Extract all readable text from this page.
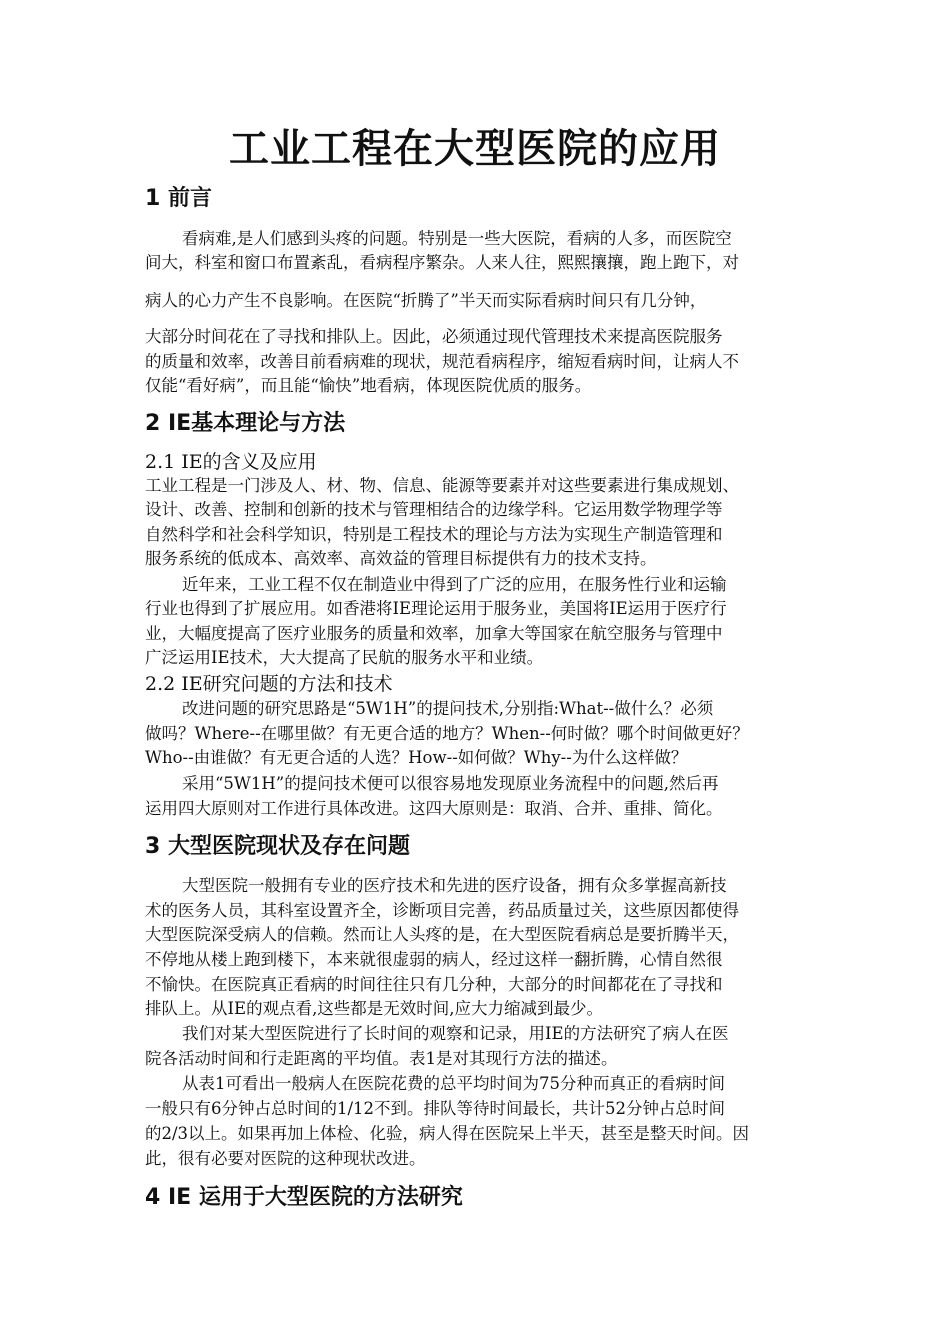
工业工程在大型医院的应用
1 前言
看病难,是人们感到头疼的问题。特别是一些大医院，看病的人多，而医院空
间大，科室和窗口布置紊乱，看病程序繁杂。人来人往，熙熙攘攘，跑上跑下，对
病人的心力产生不良影响。在医院“折腾了”半天而实际看病时间只有几分钟，
大部分时间花在了寻找和排队上。因此，必须通过现代管理技术来提高医院服务
的质量和效率，改善目前看病难的现状，规范看病程序，缩短看病时间，让病人不
仅能“看好病”，而且能“愉快”地看病，体现医院优质的服务。
2 IE基本理论与方法
2.1 IE的含义及应用
工业工程是一门涉及人、材、物、信息、能源等要素并对这些要素进行集成规划、
设计、改善、控制和创新的技术与管理相结合的边缘学科。它运用数学物理学等
自然科学和社会科学知识，特别是工程技术的理论与方法为实现生产制造管理和
服务系统的低成本、高效率、高效益的管理目标提供有力的技术支持。
近年来，工业工程不仅在制造业中得到了广泛的应用，在服务性行业和运输
行业也得到了扩展应用。如香港将IE理论运用于服务业，美国将IE运用于医疗行
业，大幅度提高了医疗业服务的质量和效率，加拿大等国家在航空服务与管理中
广泛运用IE技术，大大提高了民航的服务水平和业绩。
2.2 IE研究问题的方法和技术
改进问题的研究思路是“5W1H”的提问技术,分别指:What--做什么？必须
做吗？Where--在哪里做？有无更合适的地方？When--何时做？哪个时间做更好？
Who--由谁做？有无更合适的人选？How--如何做？Why--为什么这样做？
采用“5W1H”的提问技术便可以很容易地发现原业务流程中的问题,然后再
运用四大原则对工作进行具体改进。这四大原则是：取消、合并、重排、简化。
3 大型医院现状及存在问题
大型医院一般拥有专业的医疗技术和先进的医疗设备，拥有众多掌握高新技
术的医务人员，其科室设置齐全，诊断项目完善，药品质量过关，这些原因都使得
大型医院深受病人的信赖。然而让人头疼的是，在大型医院看病总是要折腾半天，
不停地从楼上跑到楼下，本来就很虚弱的病人，经过这样一翻折腾，心情自然很
不愉快。在医院真正看病的时间往往只有几分种，大部分的时间都花在了寻找和
排队上。从IE的观点看,这些都是无效时间,应大力缩减到最少。
我们对某大型医院进行了长时间的观察和记录，用IE的方法研究了病人在医
院各活动时间和行走距离的平均值。表1是对其现行方法的描述。
从表1可看出一般病人在医院花费的总平均时间为75分种而真正的看病时间
一般只有6分钟占总时间的1/12不到。排队等待时间最长，共计52分钟占总时间
的2/3以上。如果再加上体检、化验，病人得在医院呆上半天，甚至是整天时间。因
此，很有必要对医院的这种现状改进。
4 IE 运用于大型医院的方法研究
